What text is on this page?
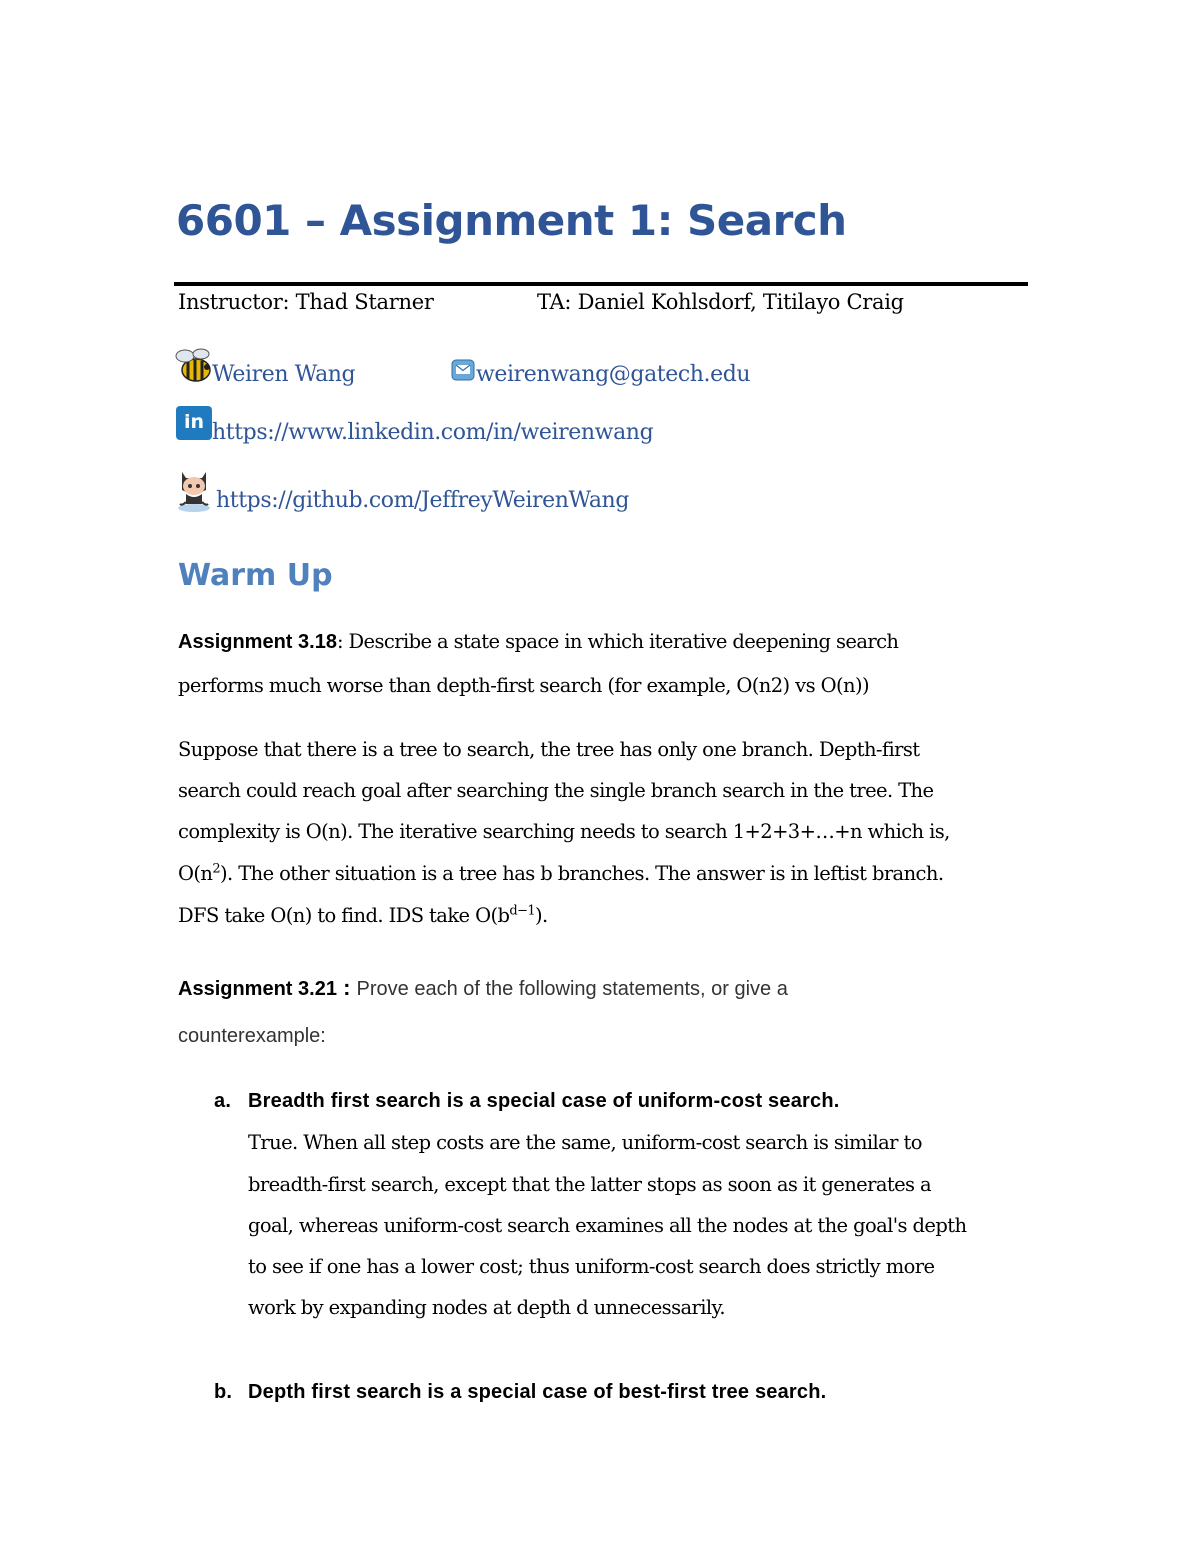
6601 – Assignment 1: Search
Instructor: Thad Starner	TA: Daniel Kohlsdorf, Titilayo Craig
Weiren Wang	weirenwang@gatech.edu
in https://www.linkedin.com/in/weirenwang
https://github.com/JeffreyWeirenWang
Warm Up
Assignment 3.18: Describe a state space in which iterative deepening search
performs much worse than depth-first search (for example, O(n2) vs O(n))
Suppose that there is a tree to search, the tree has only one branch. Depth-first
search could reach goal after searching the single branch search in the tree. The
complexity is O(n). The iterative searching needs to search 1+2+3+…+n which is,
$O(n^2)$. The other situation is a tree has b branches. The answer is in leftist branch.
DFS take O(n) to find. IDS take $O(b^{d-1})$.
Assignment 3.21 : Prove each of the following statements, or give a
counterexample:
a. Breadth first search is a special case of uniform-cost search.
True. When all step costs are the same, uniform-cost search is similar to
breadth-first search, except that the latter stops as soon as it generates a
goal, whereas uniform-cost search examines all the nodes at the goal's depth
to see if one has a lower cost; thus uniform-cost search does strictly more
work by expanding nodes at depth d unnecessarily.
b. Depth first search is a special case of best-first tree search.
